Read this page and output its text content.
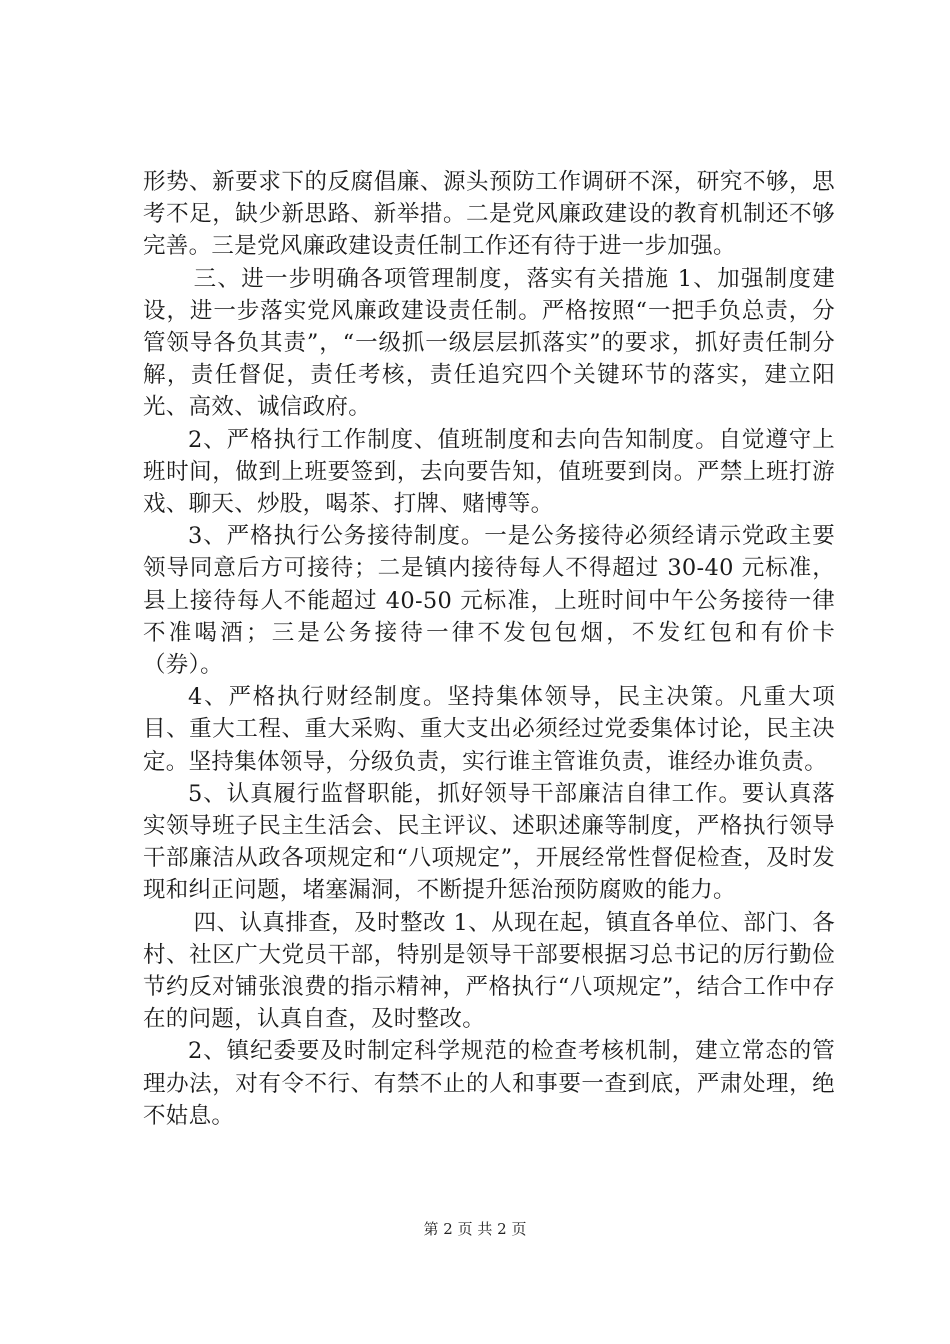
形势、新要求下的反腐倡廉、源头预防工作调研不深，研究不够，思考不足，缺少新思路、新举措。二是党风廉政建设的教育机制还不够完善。三是党风廉政建设责任制工作还有待于进一步加强。

三、进一步明确各项管理制度，落实有关措施 1、加强制度建设，进一步落实党风廉政建设责任制。严格按照“一把手负总责，分管领导各负其责”，“一级抓一级层层抓落实”的要求，抓好责任制分解，责任督促，责任考核，责任追究四个关键环节的落实，建立阳光、高效、诚信政府。

2、严格执行工作制度、值班制度和去向告知制度。自觉遵守上班时间，做到上班要签到，去向要告知，值班要到岗。严禁上班打游戏、聊天、炒股，喝茶、打牌、赌博等。

3、严格执行公务接待制度。一是公务接待必须经请示党政主要领导同意后方可接待；二是镇内接待每人不得超过 30-40 元标准，县上接待每人不能超过 40-50 元标准，上班时间中午公务接待一律不准喝酒；三是公务接待一律不发包包烟，不发红包和有价卡（券）。

4、严格执行财经制度。坚持集体领导，民主决策。凡重大项目、重大工程、重大采购、重大支出必须经过党委集体讨论，民主决定。坚持集体领导，分级负责，实行谁主管谁负责，谁经办谁负责。

5、认真履行监督职能，抓好领导干部廉洁自律工作。要认真落实领导班子民主生活会、民主评议、述职述廉等制度，严格执行领导干部廉洁从政各项规定和“八项规定”，开展经常性督促检查，及时发现和纠正问题，堵塞漏洞，不断提升惩治预防腐败的能力。

四、认真排查，及时整改 1、从现在起，镇直各单位、部门、各村、社区广大党员干部，特别是领导干部要根据习总书记的厉行勤俭节约反对铺张浪费的指示精神，严格执行“八项规定”，结合工作中存在的问题，认真自查，及时整改。

2、镇纪委要及时制定科学规范的检查考核机制，建立常态的管理办法，对有令不行、有禁不止的人和事要一查到底，严肃处理，绝不姑息。

第 2 页 共 2 页
